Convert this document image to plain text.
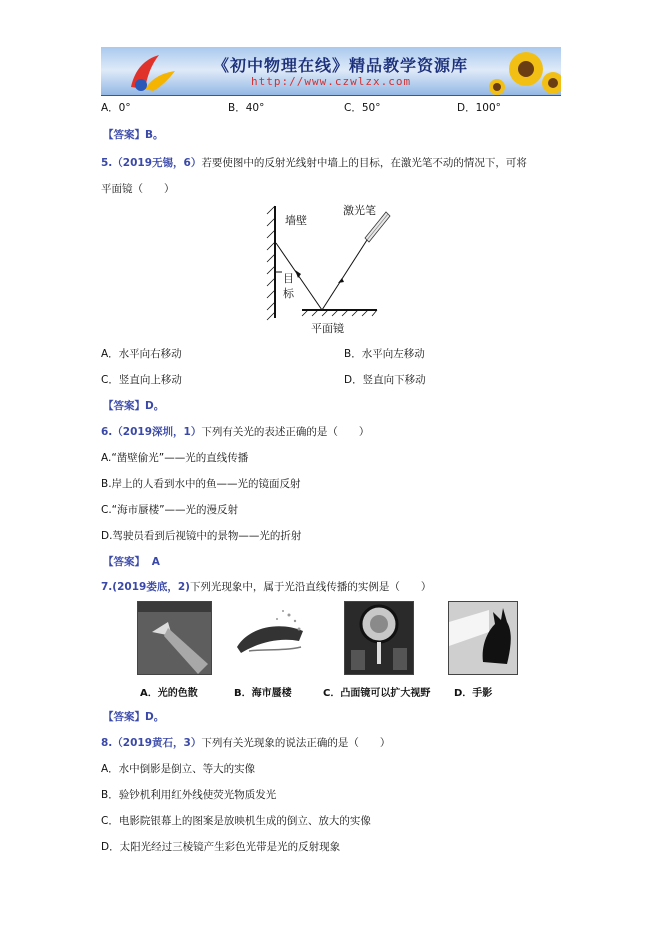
《初中物理在线》精品教学资源库
http://www.czwlzx.com
A．0°	B．40°	C．50°	D．100°
【答案】B。
5.（2019无锡，6）若要使图中的反射光线射中墙上的目标，在激光笔不动的情况下，可将
平面镜（　　）
墙壁
激光笔
目
标
平面镜
A．水平向右移动	B．水平向左移动
C．竖直向上移动	D．竖直向下移动
【答案】D。
6.（2019深圳，1）下列有关光的表述正确的是（　　）
A.“凿壁偷光”——光的直线传播
B.岸上的人看到水中的鱼——光的镜面反射
C.“海市蜃楼”——光的漫反射
D.驾驶员看到后视镜中的景物——光的折射
【答案】 A
7.(2019娄底，2)下列光现象中，属于光沿直线传播的实例是（　　）
A．光的色散	B．海市蜃楼	C．凸面镜可以扩大视野 D．手影
【答案】D。
8.（2019黄石，3）下列有关光现象的说法正确的是（　　）
A．水中倒影是倒立、等大的实像
B．验钞机利用红外线使荧光物质发光
C．电影院银幕上的图案是放映机生成的倒立、放大的实像
D．太阳光经过三棱镜产生彩色光带是光的反射现象
